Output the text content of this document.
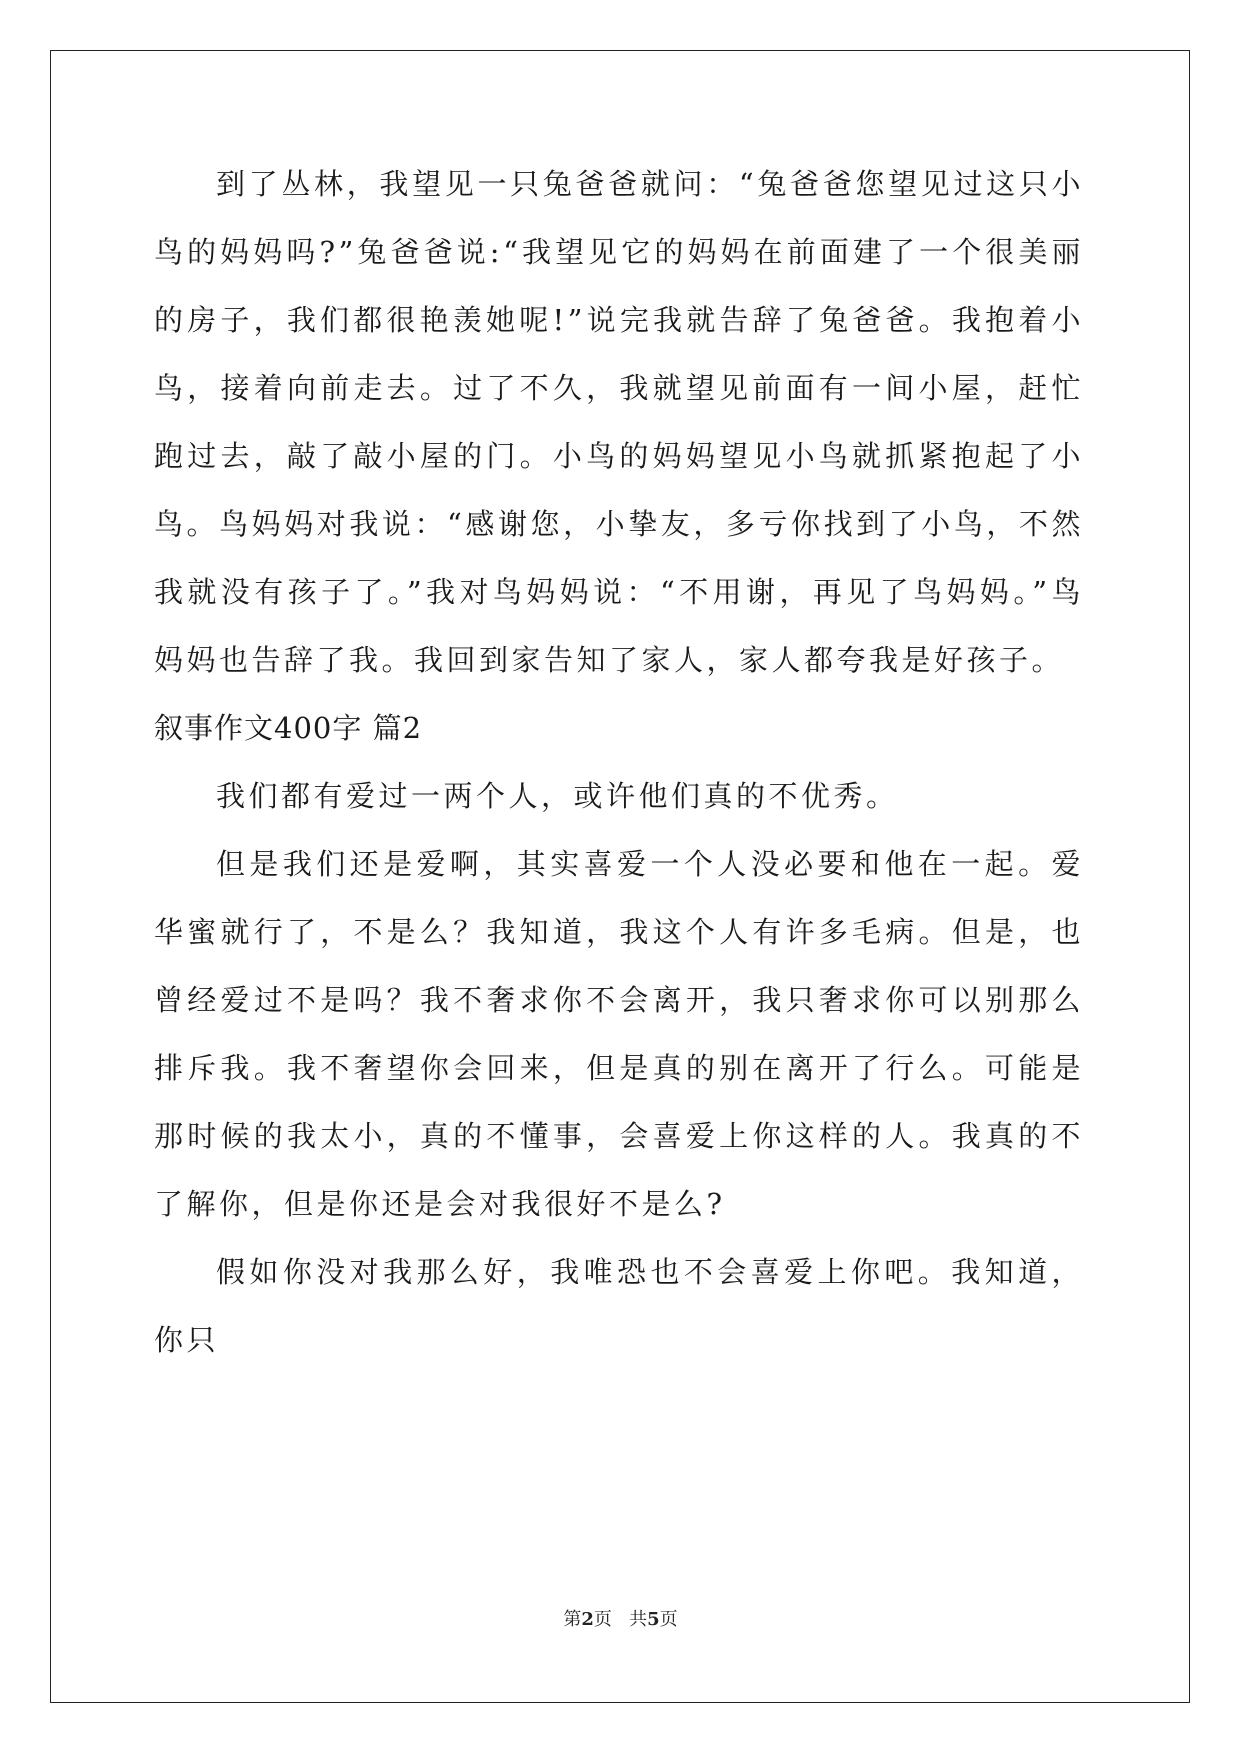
到了丛林，我望见一只兔爸爸就问：“兔爸爸您望见过这只小鸟的妈妈吗?”兔爸爸说:“我望见它的妈妈在前面建了一个很美丽的房子，我们都很艳羡她呢!”说完我就告辞了兔爸爸。我抱着小鸟，接着向前走去。过了不久，我就望见前面有一间小屋，赶忙跑过去，敲了敲小屋的门。小鸟的妈妈望见小鸟就抓紧抱起了小鸟。鸟妈妈对我说：“感谢您，小挚友，多亏你找到了小鸟，不然我就没有孩子了。”我对鸟妈妈说：“不用谢，再见了鸟妈妈。”鸟妈妈也告辞了我。我回到家告知了家人，家人都夸我是好孩子。

叙事作文400字 篇2

我们都有爱过一两个人，或许他们真的不优秀。

但是我们还是爱啊，其实喜爱一个人没必要和他在一起。爱华蜜就行了，不是么？我知道，我这个人有许多毛病。但是，也曾经爱过不是吗？我不奢求你不会离开，我只奢求你可以别那么排斥我。我不奢望你会回来，但是真的别在离开了行么。可能是那时候的我太小，真的不懂事，会喜爱上你这样的人。我真的不了解你，但是你还是会对我很好不是么?

假如你没对我那么好，我唯恐也不会喜爱上你吧。我知道，你只

第2页 共5页
